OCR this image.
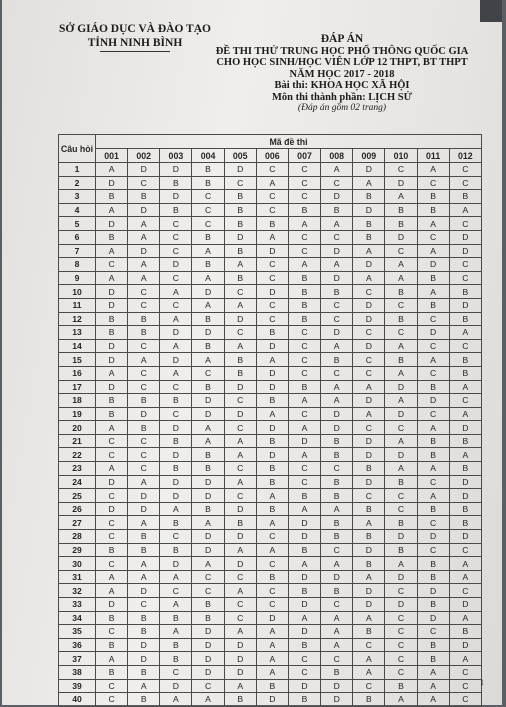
SỞ GIÁO DỤC VÀ ĐÀO TẠO
TỈNH NINH BÌNH	ĐÁP ÁN
ĐỀ THI THỬ TRUNG HỌC PHỔ THÔNG QUỐC GIA
CHO HỌC SINH/HỌC VIÊN LỚP 12 THPT, BT THPT
NĂM HỌC 2017 - 2018
Bài thi: KHOA HỌC XÃ HỘI
Môn thi thành phần: LỊCH SỬ
(Đáp án gồm 02 trang)
Câu hỏi	Mã đề thi											
	001	002	003	004	005	006	007	008	009	010	011	012
1	A	D	D	B	D	C	C	A	D	C	A	C
2	D	C	B	B	C	A	C	C	A	D	C	C
3	B	B	D	C	B	C	C	D	B	A	B	B
4	A	D	B	C	B	C	B	B	D	B	B	A
5	D	A	C	C	B	B	A	A	B	B	A	C
6	B	A	C	B	D	A	C	C	B	D	C	D
7	A	D	C	A	B	D	C	D	A	C	A	D
8	C	A	D	B	A	C	A	A	D	A	D	C
9	A	A	C	A	B	C	B	D	A	A	B	C
10	D	C	A	D	C	D	B	B	C	B	A	B
11	D	C	C	A	A	C	B	C	D	C	B	D
12	B	B	A	B	D	C	B	C	D	B	C	B
13	B	B	D	D	C	B	C	D	C	C	D	A
14	D	C	A	B	A	D	C	A	D	A	C	C
15	D	A	D	A	B	A	C	B	C	B	A	B
16	A	C	A	C	B	D	C	C	C	A	C	B
17	D	C	C	B	D	D	B	A	A	D	B	A
18	B	B	B	D	C	B	A	A	D	A	D	C
19	B	D	C	D	D	A	C	D	A	D	C	A
20	A	B	D	A	C	D	A	D	C	C	A	D
21	C	C	B	A	A	B	D	B	D	A	B	B
22	C	C	D	B	A	D	A	B	D	D	B	A
23	A	C	B	B	C	B	C	C	B	A	A	B
24	D	A	D	D	A	B	C	B	D	B	C	D
25	C	D	D	D	C	A	B	B	C	C	A	D
26	D	D	A	B	D	B	A	A	B	C	B	B
27	C	A	B	A	B	A	D	B	A	B	C	B
28	C	B	C	D	D	C	D	B	B	D	D	D
29	B	B	B	D	A	A	B	C	D	B	C	C
30	C	A	D	A	D	C	A	A	B	A	B	A
31	A	A	A	C	C	B	D	D	A	D	B	A
32	A	D	C	C	A	C	B	B	D	C	D	C
33	D	C	A	B	C	C	D	C	D	D	B	D
34	B	B	B	B	C	D	A	A	A	C	D	A
35	C	B	A	D	A	A	D	A	B	C	C	B
36	B	D	B	D	D	A	B	A	C	C	B	D
37	A	D	B	D	D	A	C	C	A	C	B	A
38	B	B	C	D	D	A	C	B	A	C	A	C
39	C	A	D	C	A	B	D	D	C	B	A	C
40	C	B	A	A	B	D	B	D	B	A	A	C
1
